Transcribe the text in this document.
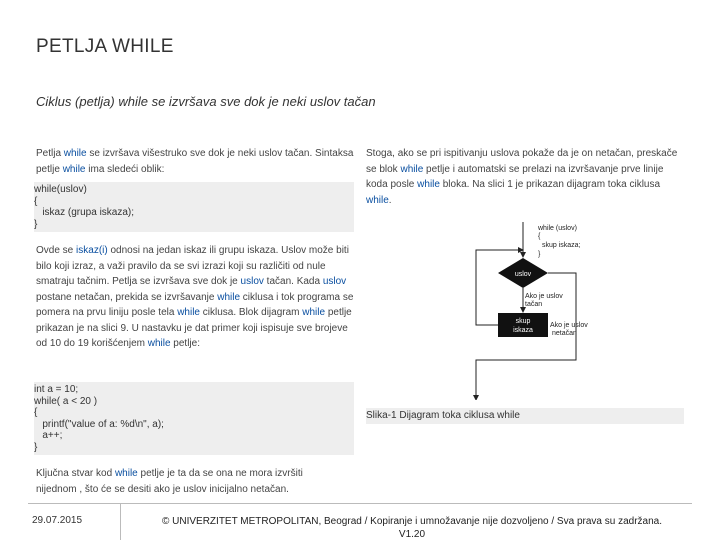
PETLJA WHILE
Ciklus (petlja) while se izvršava sve dok je neki uslov tačan
Petlja while se izvršava višestruko sve dok je neki uslov tačan. Sintaksa petlje while ima sledeći oblik:
while(uslov)
{
iskaz (grupa iskaza);
}
Ovde se iskaz(i) odnosi na jedan iskaz ili grupu iskaza. Uslov može biti bilo koji izraz, a važi pravilo da se svi izrazi koji su različiti od nule smatraju tačnim. Petlja se izvršava sve dok je uslov tačan. Kada uslov postane netačan, prekida se izvršavanje while ciklusa i tok programa se pomera na prvu liniju posle tela while ciklusa. Blok dijagram while petlje prikazan je na slici 9. U nastavku je dat primer koji ispisuje sve brojeve od 10 do 19 korišćenjem while petlje:
int a = 10;
while( a < 20 )
{
printf("value of a: %d\n", a);
a++;
}
Ključna stvar kod while petlje je ta da se ona ne mora izvršiti nijednom , što će se desiti ako je uslov inicijalno netačan.
Stoga, ako se pri ispitivanju uslova pokaže da je on netačan, preskače se blok while petlje i automatski se prelazi na izvršavanje prve linije koda posle while bloka. Na slici 1 je prikazan dijagram toka ciklusa while.
while (uslov)
{
skup iskaza;
}
uslov
Ako je uslov
tačan
skup
iskaza
Ako je uslov
netačan
Slika-1 Dijagram toka ciklusa while
29.07.2015	© UNIVERZITET METROPOLITAN, Beograd / Kopiranje i umnožavanje nije dozvoljeno / Sva prava su zadržana.
V1.20
